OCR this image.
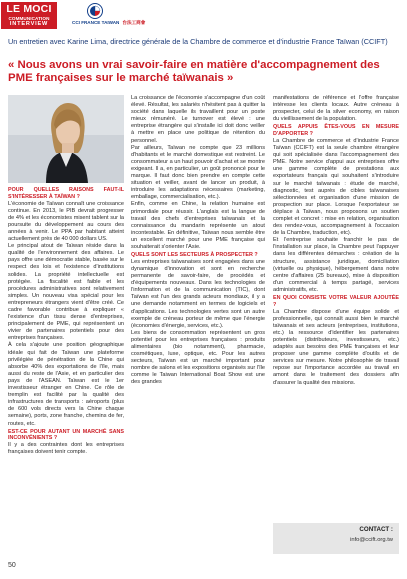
LE MOCI
COMMUNICATION
INTERVIEW	CCI FRANCE TAIWAN 台法工商會
Un entretien avec Karine Lima, directrice générale de la Chambre de commerce et d'industrie France Taïwan (CCIFT)
« Nous avons un vrai savoir-faire en matière d'accompagnement des PME françaises sur le marché taïwanais »

POUR QUELLES RAISONS FAUT-IL S'INTÉRESSER À TAÏWAN ?

L'économie de Taïwan connaît une croissance continue. En 2013, le PIB devrait progresser de 4% et les économistes misent tablent sur la poursuite du développement au cours des années à venir. Le PPA par habitant atteint actuellement près de 40 000 dollars US.

Le principal atout de Taïwan réside dans la qualité de l'environnement des affaires. Le pays offre une démocratie stable, basée sur le respect des lois et l'existence d'institutions solides. La propriété intellectuelle est protégée. La fiscalité est faible et les procédures administratives sont relativement simples. Un nouveau visa spécial pour les entrepreneurs étrangers vient d'être créé. Ce cadre favorable contribue à expliquer « l'existence d'un tissu dense d'entreprises, principalement de PME, qui représentent un vivier de partenaires potentiels pour des entreprises françaises.

À cela s'ajoute une position géographique idéale qui fait de Taïwan une plateforme privilégiée de pénétration de la Chine qui absorbe 40% des exportations de l'île, mais aussi du reste de l'Asie, et en particulier des pays de l'ASEAN. Taïwan est le 1er investisseur étranger en Chine. Ce rôle de tremplin est facilité par la qualité des infrastructures de transports : aéroports (plus de 600 vols directs vers la Chine chaque semaine), ports, zone franche, chemins de fer, routes, etc.

EST-CE POUR AUTANT UN MARCHÉ SANS INCONVÉNIENTS ?

Il y a des contraintes dont les entreprises françaises doivent tenir compte.

La croissance de l'économie s'accompagne d'un coût élevé. Résultat, les salariés n'hésitent pas à quitter la société dans laquelle ils travaillent pour un poste mieux rémunéré. Le turnover est élevé : une entreprise étrangère qui s'installe ici doit donc veiller à mettre en place une politique de rétention du personnel.

Par ailleurs, Taïwan ne compte que 23 millions d'habitants et le marché domestique est restreint. Le consommateur a un haut pouvoir d'achat et se montre exigeant. Il a, en particulier, un goût prononcé pour le marque. Il faut donc bien prendre en compte cette situation et veiller, avant de lancer un produit, à introduire les adaptations nécessaires (marketing, emballage, commercialisation, etc.).

Enfin, comme en Chine, la relation humaine est primordiale pour réussir. L'anglais est la langue de travail des chefs d'entreprises taïwanais et la connaissance du mandarin représente un atout incontestable. En définitive, Taïwan nous semble être un excellent marché pour une PME française qui souhaiterait s'orienter l'Asie.

QUELS SONT LES SECTEURS À PROSPECTER ?

Les entreprises taïwanaises sont engagées dans une dynamique d'innovation et sont en recherche permanente de savoir-faire, de procédés et d'équipements nouveaux. Dans les technologies de l'information et de la communication (TIC), dont Taïwan est l'un des grands acteurs mondiaux, il y a une demande notamment en termes de logiciels et d'applications. Les technologies vertes sont un autre exemple de créneau porteur de même que l'énergie (économies d'énergie, services, etc.).

Les biens de consommation représentent un gros potentiel pour les entreprises françaises : produits alimentaires (bio notamment), pharmacie, cosmétiques, luxe, optique, etc. Pour les autres secteurs, Taïwan est un marché important pour nombre de salons et les expositions organisés sur l'île comme le Taiwan International Boat Show est une des grandes

manifestations de référence et l'offre française intéresse les clients locaux. Autre créneau à prospecter, celui de la silver economy, en raison du vieillissement de la population.

QUELS APPUIS ÊTES-VOUS EN MESURE D'APPORTER ?

La Chambre de commerce et d'industrie France Taïwan (CCIFT) est la seule chambre étrangère qui soit spécialisée dans l'accompagnement des PME. Notre service d'appui aux entreprises offre une gamme complète de prestations aux exportateurs français qui souhaitent s'introduire sur le marché taïwanais : étude de marché, diagnostic, test auprès de cibles taïwanaises sélectionnées et organisation d'une mission de prospection sur place. Lorsque l'exportateur se déplace à Taïwan, nous proposons un soutien complet et concret : mise en relation, organisation des rendez-vous, accompagnement à l'occasion de la Chambre, traduction, etc).

Et l'entreprise souhaite franchir le pas de l'installation sur place, la Chambre peut l'appuyer dans les différentes démarches : création de la structure, assistance juridique, domiciliation (virtuelle ou physique), hébergement dans notre centre d'affaires (25 bureaux), mise à disposition d'un commercial à temps partagé, services administratifs, etc.

EN QUOI CONSISTE VOTRE VALEUR AJOUTÉE ?

La Chambre dispose d'une équipe solide et professionnelle, qui connaît aussi bien le marché taïwanais et ses acteurs (entreprises, institutions, etc.) la ressource d'identifier les partenaires potentiels (distributeurs, investisseurs, etc.) adaptés aux besoins des PME françaises et leur proposer une gamme complète d'outils et de services sur mesure. Notre philosophie de travail repose sur l'importance accordée au travail en amont dans le traitement des dossiers afin d'assurer la qualité des missions.

CONTACT :
info@ccift.org.tw
50
